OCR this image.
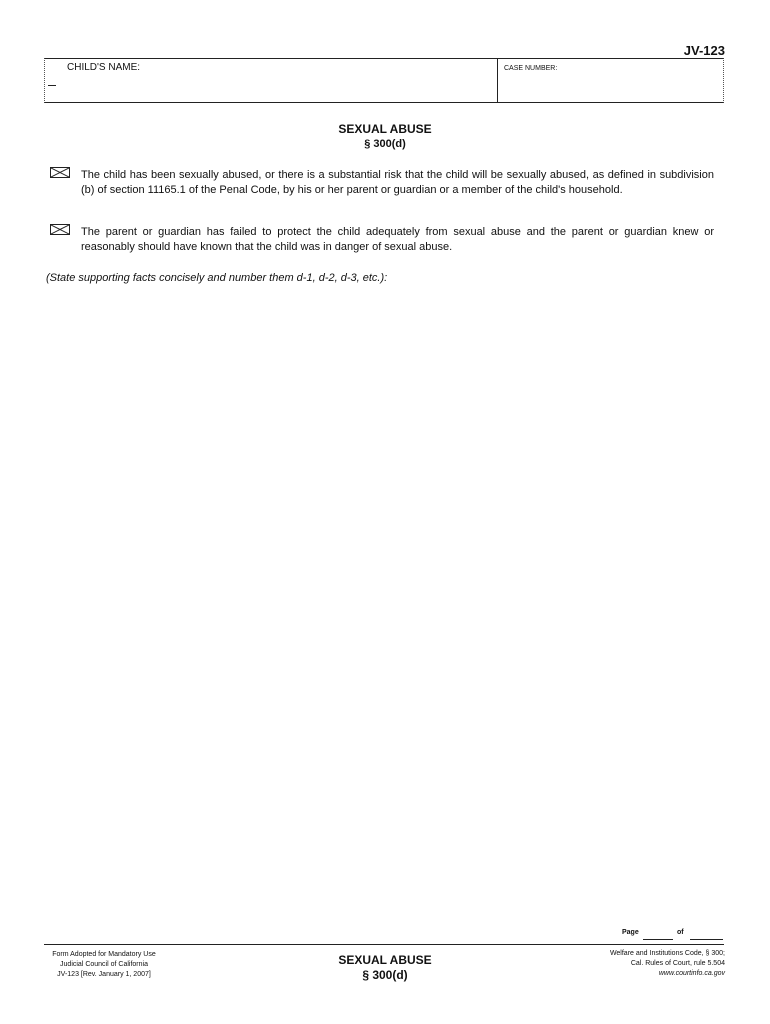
JV-123
CHILD'S NAME:	CASE NUMBER:
SEXUAL ABUSE
§ 300(d)
The child has been sexually abused, or there is a substantial risk that the child will be sexually abused, as defined in subdivision (b) of section 11165.1 of the Penal Code, by his or her parent or guardian or a member of the child's household.
The parent or guardian has failed to protect the child adequately from sexual abuse and the parent or guardian knew or reasonably should have known that the child was in danger of sexual abuse.
(State supporting facts concisely and number them d-1, d-2, d-3, etc.):
Page	of
Form Adopted for Mandatory Use
Judicial Council of California
JV-123 [Rev. January 1, 2007]
SEXUAL ABUSE
§ 300(d)
Welfare and Institutions Code, § 300;
Cal. Rules of Court, rule 5.504
www.courtinfo.ca.gov
